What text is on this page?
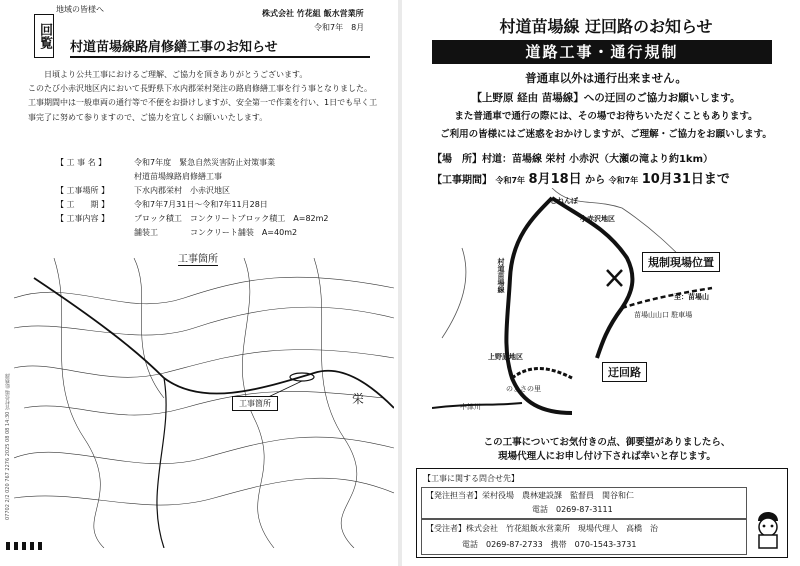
07702 2/2 020 767 2276 2025 08 08 14:30 宮村役場 総務課
地域の皆様へ	株式会社 竹花組 飯水営業所
令和7年　8月
回覧 村道苗場線路肩修繕工事のお知らせ

日頃より公共工事におけるご理解、ご協力を頂きありがとうございます。

このたび小赤沢地区内において長野県下水内郡栄村発注の路肩修繕工事を行う事となりました。工事期間中は一般車両の通行等で不便をお掛けしますが、安全第一で作業を行い、1日でも早く工事完了に努めて参りますので、ご協力を宜しくお願いいたします。

【 工 事 名 】	令和7年度　緊急自然災害防止対策事業
村道苗場線路肩修繕工事
【 工事場所 】	下水内郡栄村　小赤沢地区
【 工　　期 】	令和7年7月31日～令和7年11月28日
【 工事内容 】	ブロック積工　コンクリートブロック積工　A=82m2
舗装工　　　　コンクリート舗装　A=40m2
工事箇所
工事箇所	栄
村道苗場線 迂回路のお知らせ
道路工事・通行規制
普通車以外は通行出来ません。
【上野原 経由 苗場線】への迂回のご協力お願いします。
また普通車で通行の際には、その場でお待ちいただくこともあります。
ご利用の皆様にはご迷惑をおかけしますが、ご理解・ご協力をお願いします。
【場　所】村道：苗場線 栄村 小赤沢（大瀬の滝より約1km）
【工事期間】 令和7年 8月18日 から 令和7年 10月31日まで
とねんぼ
小赤沢地区
村道苗場線	規制現場位置
至：苗場山
苗場山山口 駐車場
上野原地区
迂回路
のよさの里
中津川
この工事についてお気付きの点、御要望がありましたら、
現場代理人にお申し付け下されば幸いと存じます。
【工事に関する問合せ先】
【発注担当者】栄村役場　農林建設課　監督員　関谷和仁
電話　0269-87-3111
【受注者】株式会社　竹花組飯水営業所　現場代理人　高橋　治
電話　0269-87-2733　携帯　070-1543-3731
